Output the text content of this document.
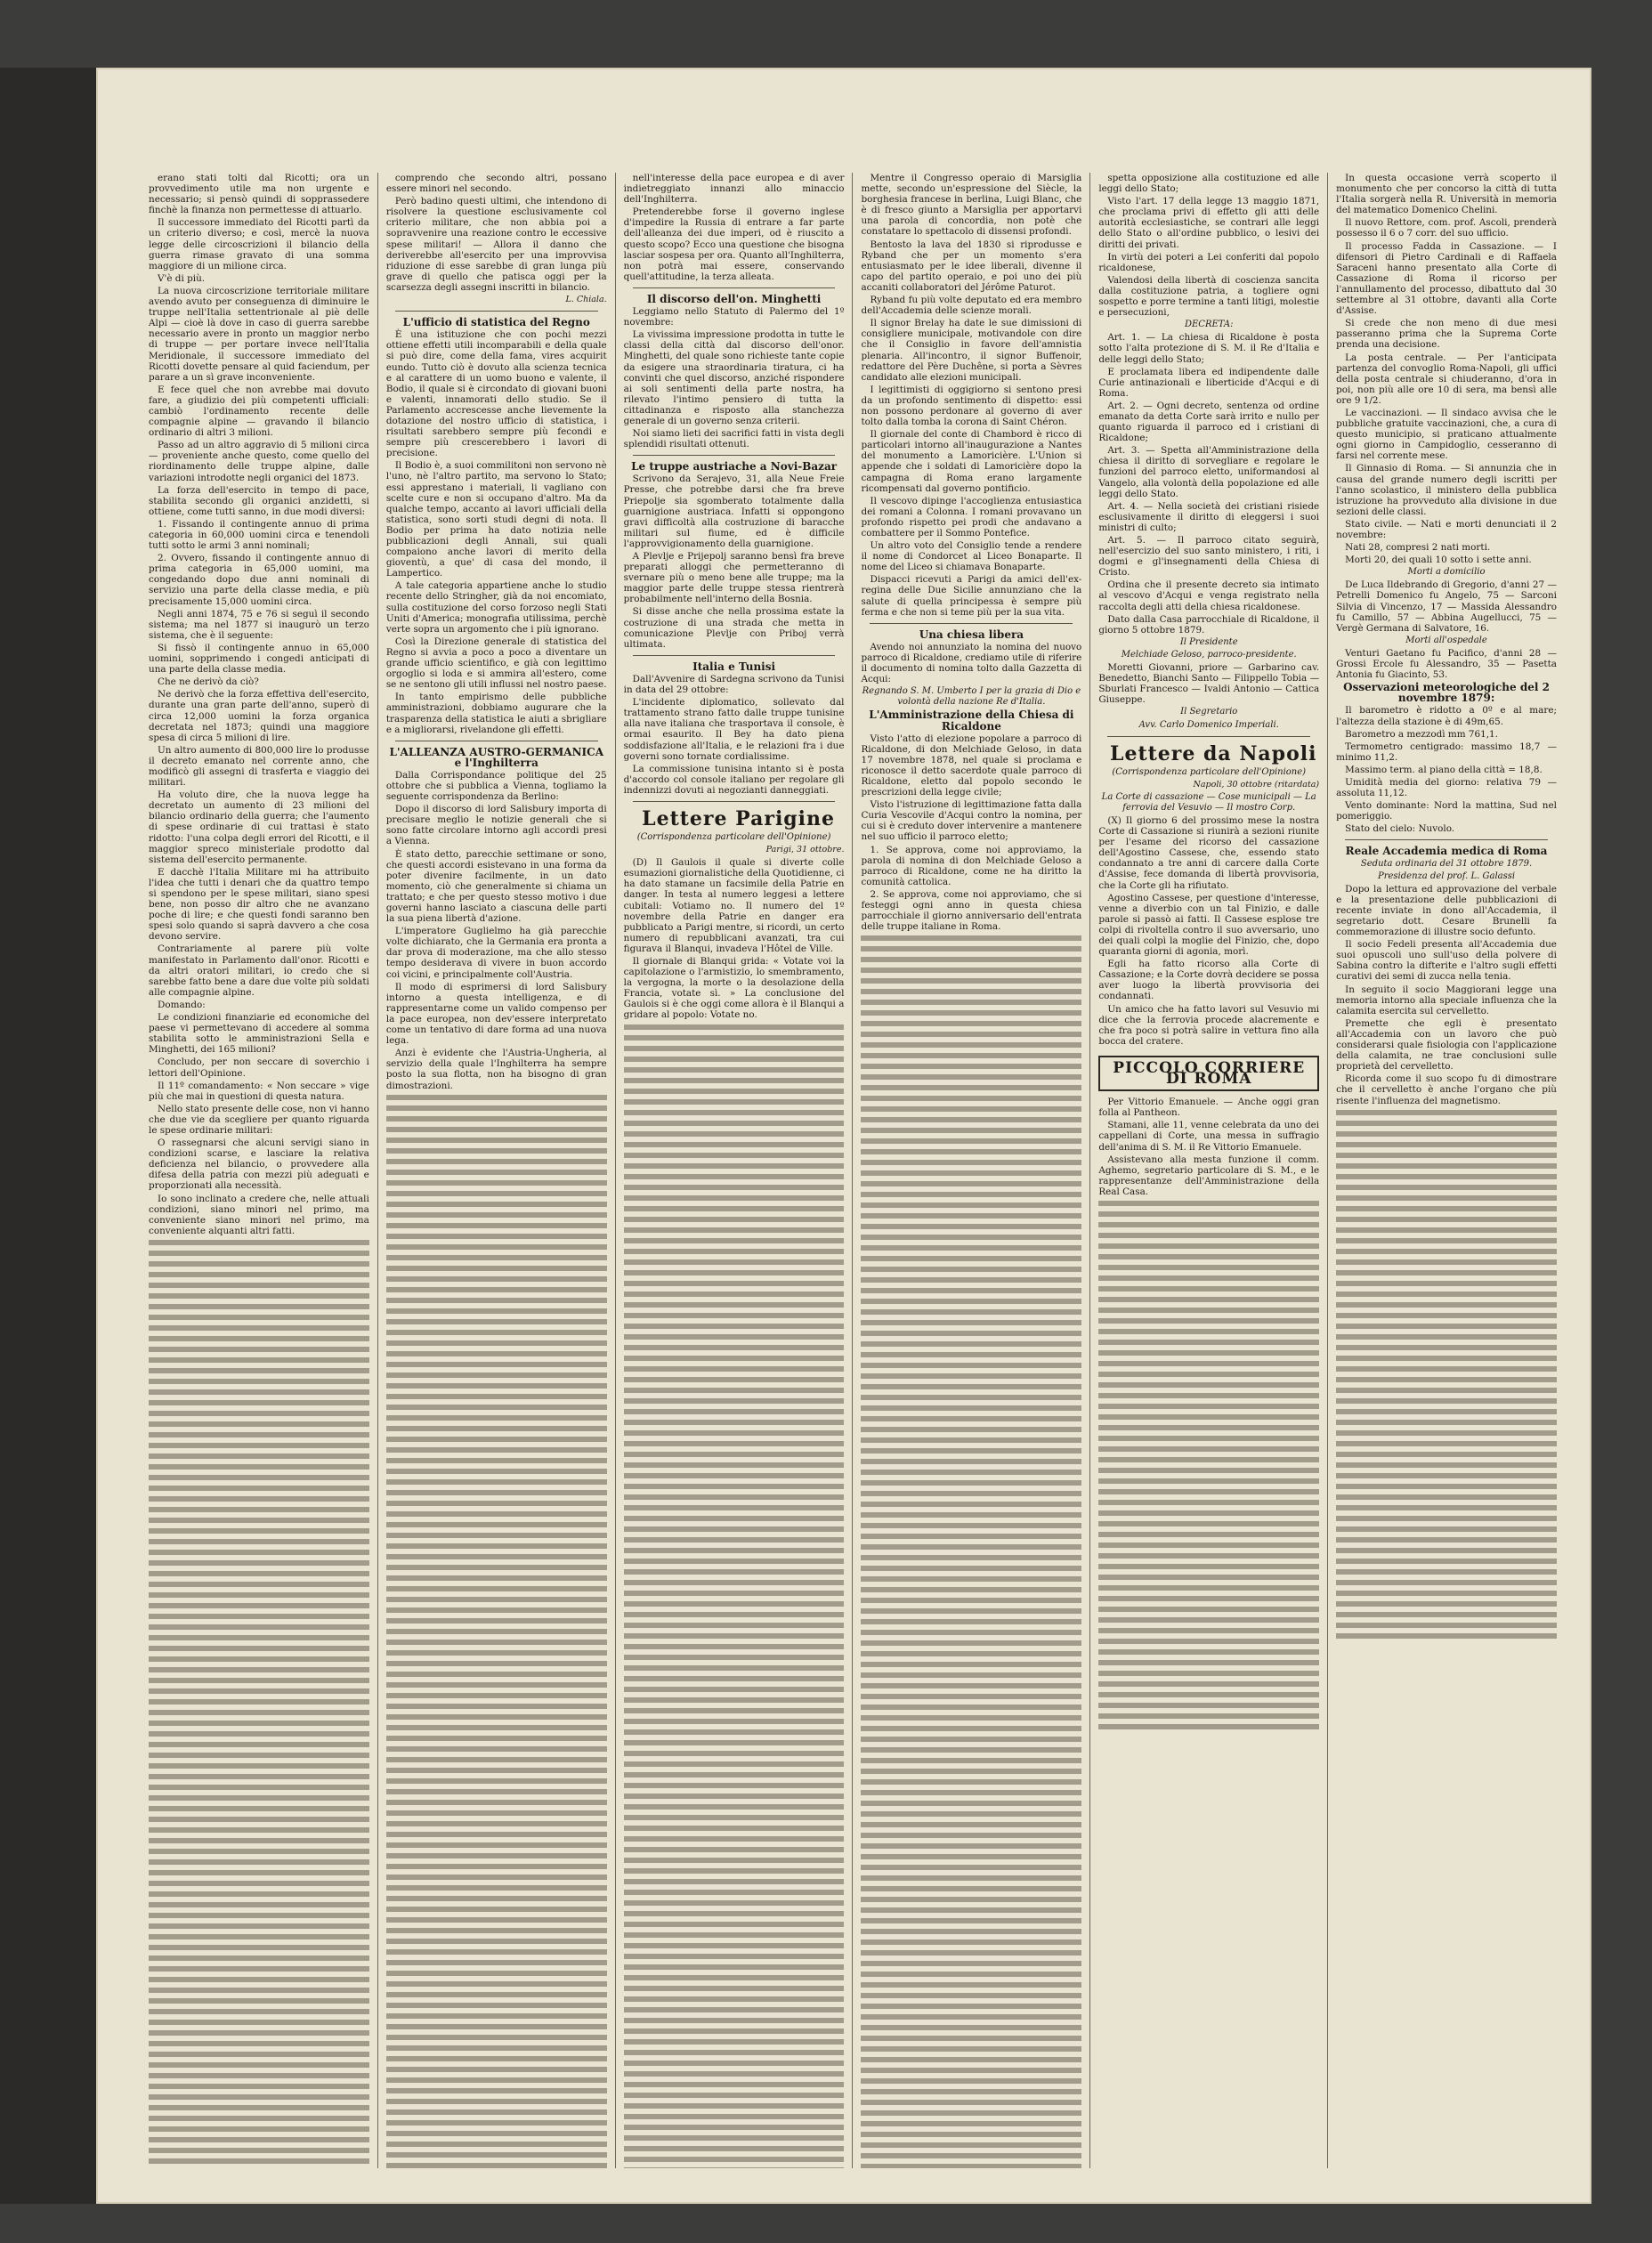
erano stati tolti dal Ricotti; ora un provvedimento utile ma non urgente e necessario; si pensò quindi di sopprassedere finchè la finanza non permettesse di attuarlo.

Il successore immediato del Ricotti partì da un criterio diverso; e così, mercè la nuova legge delle circoscrizioni il bilancio della guerra rimase gravato di una somma maggiore di un milione circa.

V'è di più.

La nuova circoscrizione territoriale militare avendo avuto per conseguenza di diminuire le truppe nell'Italia settentrionale al piè delle Alpi — cioè là dove in caso di guerra sarebbe necessario avere in pronto un maggior nerbo di truppe — per portare invece nell'Italia Meridionale, il successore immediato del Ricotti dovette pensare al quid faciendum, per parare a un sì grave inconveniente.

E fece quel che non avrebbe mai dovuto fare, a giudizio dei più competenti ufficiali: cambiò l'ordinamento recente delle compagnie alpine — gravando il bilancio ordinario di altri 3 milioni.

Passo ad un altro aggravio di 5 milioni circa — proveniente anche questo, come quello del riordinamento delle truppe alpine, dalle variazioni introdotte negli organici del 1873.

La forza dell'esercito in tempo di pace, stabilita secondo gli organici anzidetti, si ottiene, come tutti sanno, in due modi diversi:

1. Fissando il contingente annuo di prima categoria in 60,000 uomini circa e tenendoli tutti sotto le armi 3 anni nominali;

2. Ovvero, fissando il contingente annuo di prima categoria in 65,000 uomini, ma congedando dopo due anni nominali di servizio una parte della classe media, e più precisamente 15,000 uomini circa.

Negli anni 1874, 75 e 76 si seguì il secondo sistema; ma nel 1877 si inaugurò un terzo sistema, che è il seguente:

Si fissò il contingente annuo in 65,000 uomini, sopprimendo i congedi anticipati di una parte della classe media.

Che ne derivò da ciò?

Ne derivò che la forza effettiva dell'esercito, durante una gran parte dell'anno, superò di circa 12,000 uomini la forza organica decretata nel 1873; quindi una maggiore spesa di circa 5 milioni di lire.

Un altro aumento di 800,000 lire lo produsse il decreto emanato nel corrente anno, che modificò gli assegni di trasferta e viaggio dei militari.

Ha voluto dire, che la nuova legge ha decretato un aumento di 23 milioni del bilancio ordinario della guerra; che l'aumento di spese ordinarie di cui trattasi è stato ridotto: l'una colpa degli errori del Ricotti, e il maggior spreco ministeriale prodotto dal sistema dell'esercito permanente.

E dacchè l'Italia Militare mi ha attribuito l'idea che tutti i denari che da quattro tempo si spendono per le spese militari, siano spesi bene, non posso dir altro che ne avanzano poche di lire; e che questi fondi saranno ben spesi solo quando si saprà davvero a che cosa devono servire.

Contrariamente al parere più volte manifestato in Parlamento dall'onor. Ricotti e da altri oratori militari, io credo che si sarebbe fatto bene a dare due volte più soldati alle compagnie alpine.

Domando:

Le condizioni finanziarie ed economiche del paese vi permettevano di accedere al somma stabilita sotto le amministrazioni Sella e Minghetti, dei 165 milioni?

Concludo, per non seccare di soverchio i lettori dell'Opinione.

Il 11º comandamento: « Non seccare » vige più che mai in questioni di questa natura.

Nello stato presente delle cose, non vi hanno che due vie da scegliere per quanto riguarda le spese ordinarie militari:

O rassegnarsi che alcuni servigi siano in condizioni scarse, e lasciare la relativa deficienza nel bilancio, o provvedere alla difesa della patria con mezzi più adeguati e proporzionati alla necessità.

Io sono inclinato a credere che, nelle attuali condizioni, siano minori nel primo, ma conveniente siano minori nel primo, ma conveniente alquanti altri fatti.

comprendo che secondo altri, possano essere minori nel secondo.

Però badino questi ultimi, che intendono di risolvere la questione esclusivamente col criterio militare, che non abbia poi a sopravvenire una reazione contro le eccessive spese militari! — Allora il danno che deriverebbe all'esercito per una improvvisa riduzione di esse sarebbe di gran lunga più grave di quello che patisca oggi per la scarsezza degli assegni inscritti in bilancio.

L. Chiala.

L'ufficio di statistica del Regno

È una istituzione che con pochi mezzi ottiene effetti utili incomparabili e della quale si può dire, come della fama, vires acquirit eundo. Tutto ciò è dovuto alla scienza tecnica e al carattere di un uomo buono e valente, il Bodio, il quale si è circondato di giovani buoni e valenti, innamorati dello studio. Se il Parlamento accrescesse anche lievemente la dotazione del nostro ufficio di statistica, i risultati sarebbero sempre più fecondi e sempre più crescerebbero i lavori di precisione.

Il Bodio è, a suoi commilitoni non servono nè l'uno, nè l'altro partito, ma servono lo Stato; essi apprestano i materiali, li vagliano con scelte cure e non si occupano d'altro. Ma da qualche tempo, accanto ai lavori ufficiali della statistica, sono sorti studi degni di nota. Il Bodio per prima ha dato notizia nelle pubblicazioni degli Annali, sui quali compaiono anche lavori di merito della gioventù, a que' di casa del mondo, il Lampertico.

A tale categoria appartiene anche lo studio recente dello Stringher, già da noi encomiato, sulla costituzione del corso forzoso negli Stati Uniti d'America; monografia utilissima, perchè verte sopra un argomento che i più ignorano.

Così la Direzione generale di statistica del Regno si avvia a poco a poco a diventare un grande ufficio scientifico, e già con legittimo orgoglio si loda e si ammira all'estero, come se ne sentono gli utili influssi nel nostro paese.

In tanto empirismo delle pubbliche amministrazioni, dobbiamo augurare che la trasparenza della statistica le aiuti a sbrigliare e a migliorarsi, rivelandone gli effetti.

L'ALLEANZA AUSTRO-GERMANICA e l'Inghilterra

Dalla Corrispondance politique del 25 ottobre che si pubblica a Vienna, togliamo la seguente corrispondenza da Berlino:

Dopo il discorso di lord Salisbury importa di precisare meglio le notizie generali che si sono fatte circolare intorno agli accordi presi a Vienna.

È stato detto, parecchie settimane or sono, che questi accordi esistevano in una forma da poter divenire facilmente, in un dato momento, ciò che generalmente si chiama un trattato; e che per questo stesso motivo i due governi hanno lasciato a ciascuna delle parti la sua piena libertà d'azione.

L'imperatore Guglielmo ha già parecchie volte dichiarato, che la Germania era pronta a dar prova di moderazione, ma che allo stesso tempo desiderava di vivere in buon accordo coi vicini, e principalmente coll'Austria.

Il modo di esprimersi di lord Salisbury intorno a questa intelligenza, e di rappresentarne come un valido compenso per la pace europea, non dev'essere interpretato come un tentativo di dare forma ad una nuova lega.

Anzi è evidente che l'Austria-Ungheria, al servizio della quale l'Inghilterra ha sempre posto la sua flotta, non ha bisogno di gran dimostrazioni.

nell'interesse della pace europea e di aver indietreggiato innanzi allo minaccio dell'Inghilterra.

Pretenderebbe forse il governo inglese d'impedire la Russia di entrare a far parte dell'alleanza dei due imperi, od è riuscito a questo scopo? Ecco una questione che bisogna lasciar sospesa per ora. Quanto all'Inghilterra, non potrà mai essere, conservando quell'attitudine, la terza alleata.

Il discorso dell'on. Minghetti

Leggiamo nello Statuto di Palermo del 1º novembre:

La vivissima impressione prodotta in tutte le classi della città dal discorso dell'onor. Minghetti, del quale sono richieste tante copie da esigere una straordinaria tiratura, ci ha convinti che quel discorso, anziché rispondere ai soli sentimenti della parte nostra, ha rilevato l'intimo pensiero di tutta la cittadinanza e risposto alla stanchezza generale di un governo senza criterii.

Noi siamo lieti dei sacrifici fatti in vista degli splendidi risultati ottenuti.

Le truppe austriache a Novi-Bazar

Scrivono da Serajevo, 31, alla Neue Freie Presse, che potrebbe darsi che fra breve Priepolje sia sgomberato totalmente dalla guarnigione austriaca. Infatti si oppongono gravi difficoltà alla costruzione di baracche militari sul fiume, ed è difficile l'approvvigionamento della guarnigione.

A Plevlje e Prijepolj saranno bensì fra breve preparati alloggi che permetteranno di svernare più o meno bene alle truppe; ma la maggior parte delle truppe stessa rientrerà probabilmente nell'interno della Bosnia.

Si disse anche che nella prossima estate la costruzione di una strada che metta in comunicazione Plevlje con Priboj verrà ultimata.

Italia e Tunisi

Dall'Avvenire di Sardegna scrivono da Tunisi in data del 29 ottobre:

L'incidente diplomatico, sollevato dal trattamento strano fatto dalle truppe tunisine alla nave italiana che trasportava il console, è ormai esaurito. Il Bey ha dato piena soddisfazione all'Italia, e le relazioni fra i due governi sono tornate cordialissime.

La commissione tunisina intanto si è posta d'accordo col console italiano per regolare gli indennizzi dovuti ai negozianti danneggiati.

Lettere Parigine

(Corrispondenza particolare dell'Opinione)

Parigi, 31 ottobre.

(D) Il Gaulois il quale si diverte colle esumazioni giornalistiche della Quotidienne, ci ha dato stamane un facsimile della Patrie en danger. In testa al numero leggesi a lettere cubitali: Votiamo no. Il numero del 1º novembre della Patrie en danger era pubblicato a Parigi mentre, si ricordi, un certo numero di repubblicani avanzati, tra cui figurava il Blanqui, invadeva l'Hôtel de Ville.

Il giornale di Blanqui grida: « Votate voi la capitolazione o l'armistizio, lo smembramento, la vergogna, la morte o la desolazione della Francia, votate sì. » La conclusione del Gaulois si è che oggi come allora è il Blanqui a gridare al popolo: Votate no.

Mentre il Congresso operaio di Marsiglia mette, secondo un'espressione del Siècle, la borghesia francese in berlina, Luigi Blanc, che è di fresco giunto a Marsiglia per apportarvi una parola di concordia, non potè che constatare lo spettacolo di dissensi profondi.

Bentosto la lava del 1830 si riprodusse e Ryband che per un momento s'era entusiasmato per le idee liberali, divenne il capo del partito operaio, e poi uno dei più accaniti collaboratori del Jérôme Paturot.

Ryband fu più volte deputato ed era membro dell'Accademia delle scienze morali.

Il signor Brelay ha date le sue dimissioni di consigliere municipale, motivandole con dire che il Consiglio in favore dell'amnistia plenaria. All'incontro, il signor Buffenoir, redattore del Père Duchêne, si porta a Sèvres candidato alle elezioni municipali.

I legittimisti di oggigiorno si sentono presi da un profondo sentimento di dispetto: essi non possono perdonare al governo di aver tolto dalla tomba la corona di Saint Chéron.

Il giornale del conte di Chambord è ricco di particolari intorno all'inaugurazione a Nantes del monumento a Lamoricière. L'Union si appende che i soldati di Lamoricière dopo la campagna di Roma erano largamente ricompensati dal governo pontificio.

Il vescovo dipinge l'accoglienza entusiastica dei romani a Colonna. I romani provavano un profondo rispetto pei prodi che andavano a combattere per il Sommo Pontefice.

Un altro voto del Consiglio tende a rendere il nome di Condorcet al Liceo Bonaparte. Il nome del Liceo si chiamava Bonaparte.

Dispacci ricevuti a Parigi da amici dell'ex-regina delle Due Sicilie annunziano che la salute di quella principessa è sempre più ferma e che non si teme più per la sua vita.

Una chiesa libera

Avendo noi annunziato la nomina del nuovo parroco di Ricaldone, crediamo utile di riferire il documento di nomina tolto dalla Gazzetta di Acqui:

Regnando S. M. Umberto I per la grazia di Dio e volontà della nazione Re d'Italia.

L'Amministrazione della Chiesa di Ricaldone

Visto l'atto di elezione popolare a parroco di Ricaldone, di don Melchiade Geloso, in data 17 novembre 1878, nel quale si proclama e riconosce il detto sacerdote quale parroco di Ricaldone, eletto dal popolo secondo le prescrizioni della legge civile;

Visto l'istruzione di legittimazione fatta dalla Curia Vescovile d'Acqui contro la nomina, per cui si è creduto dover intervenire a mantenere nel suo ufficio il parroco eletto;

1. Se approva, come noi approviamo, la parola di nomina di don Melchiade Geloso a parroco di Ricaldone, come ne ha diritto la comunità cattolica.

2. Se approva, come noi approviamo, che si festeggi ogni anno in questa chiesa parrocchiale il giorno anniversario dell'entrata delle truppe italiane in Roma.

spetta opposizione alla costituzione ed alle leggi dello Stato;

Visto l'art. 17 della legge 13 maggio 1871, che proclama privi di effetto gli atti delle autorità ecclesiastiche, se contrari alle leggi dello Stato o all'ordine pubblico, o lesivi dei diritti dei privati.

In virtù dei poteri a Lei conferiti dal popolo ricaldonese,

Valendosi della libertà di coscienza sancita dalla costituzione patria, a togliere ogni sospetto e porre termine a tanti litigi, molestie e persecuzioni,

DECRETA:

Art. 1. — La chiesa di Ricaldone è posta sotto l'alta protezione di S. M. il Re d'Italia e delle leggi dello Stato;

E proclamata libera ed indipendente dalle Curie antinazionali e liberticide d'Acqui e di Roma.

Art. 2. — Ogni decreto, sentenza od ordine emanato da detta Corte sarà irrito e nullo per quanto riguarda il parroco ed i cristiani di Ricaldone;

Art. 3. — Spetta all'Amministrazione della chiesa il diritto di sorvegliare e regolare le funzioni del parroco eletto, uniformandosi al Vangelo, alla volontà della popolazione ed alle leggi dello Stato.

Art. 4. — Nella società dei cristiani risiede esclusivamente il diritto di eleggersi i suoi ministri di culto;

Art. 5. — Il parroco citato seguirà, nell'esercizio del suo santo ministero, i riti, i dogmi e gl'insegnamenti della Chiesa di Cristo.

Ordina che il presente decreto sia intimato al vescovo d'Acqui e venga registrato nella raccolta degli atti della chiesa ricaldonese.

Dato dalla Casa parrocchiale di Ricaldone, il giorno 5 ottobre 1879.

Il Presidente

Melchiade Geloso, parroco-presidente.

Moretti Giovanni, priore — Garbarino cav. Benedetto, Bianchi Santo — Filippello Tobia — Sburlati Francesco — Ivaldi Antonio — Cattica Giuseppe.

Il Segretario

Avv. Carlo Domenico Imperiali.

Lettere da Napoli

(Corrispondenza particolare dell'Opinione)

Napoli, 30 ottobre (ritardata)

La Corte di cassazione — Cose municipali — La ferrovia del Vesuvio — Il mostro Corp.

(X) Il giorno 6 del prossimo mese la nostra Corte di Cassazione si riunirà a sezioni riunite per l'esame del ricorso del cassazione dell'Agostino Cassese, che, essendo stato condannato a tre anni di carcere dalla Corte d'Assise, fece domanda di libertà provvisoria, che la Corte gli ha rifiutato.

Agostino Cassese, per questione d'interesse, venne a diverbio con un tal Finizio, e dalle parole si passò ai fatti. Il Cassese esplose tre colpi di rivoltella contro il suo avversario, uno dei quali colpì la moglie del Finizio, che, dopo quaranta giorni di agonia, morì.

Egli ha fatto ricorso alla Corte di Cassazione; e la Corte dovrà decidere se possa aver luogo la libertà provvisoria dei condannati.

Un amico che ha fatto lavori sul Vesuvio mi dice che la ferrovia procede alacremente e che fra poco si potrà salire in vettura fino alla bocca del cratere.

PICCOLO CORRIERE DI ROMA

Per Vittorio Emanuele. — Anche oggi gran folla al Pantheon.

Stamani, alle 11, venne celebrata da uno dei cappellani di Corte, una messa in suffragio dell'anima di S. M. il Re Vittorio Emanuele.

Assistevano alla mesta funzione il comm. Aghemo, segretario particolare di S. M., e le rappresentanze dell'Amministrazione della Real Casa.

In questa occasione verrà scoperto il monumento che per concorso la città di tutta l'Italia sorgerà nella R. Università in memoria del matematico Domenico Chelini.

Il nuovo Rettore, com. prof. Ascoli, prenderà possesso il 6 o 7 corr. del suo ufficio.

Il processo Fadda in Cassazione. — I difensori di Pietro Cardinali e di Raffaela Saraceni hanno presentato alla Corte di Cassazione di Roma il ricorso per l'annullamento del processo, dibattuto dal 30 settembre al 31 ottobre, davanti alla Corte d'Assise.

Si crede che non meno di due mesi passeranno prima che la Suprema Corte prenda una decisione.

La posta centrale. — Per l'anticipata partenza del convoglio Roma-Napoli, gli uffici della posta centrale si chiuderanno, d'ora in poi, non più alle ore 10 di sera, ma bensì alle ore 9 1/2.

Le vaccinazioni. — Il sindaco avvisa che le pubbliche gratuite vaccinazioni, che, a cura di questo municipio, si praticano attualmente ogni giorno in Campidoglio, cesseranno di farsi nel corrente mese.

Il Ginnasio di Roma. — Si annunzia che in causa del grande numero degli iscritti per l'anno scolastico, il ministero della pubblica istruzione ha provveduto alla divisione in due sezioni delle classi.

Stato civile. — Nati e morti denunciati il 2 novembre:

Nati 28, compresi 2 nati morti.

Morti 20, dei quali 10 sotto i sette anni.

Morti a domicilio

De Luca Ildebrando di Gregorio, d'anni 27 — Petrelli Domenico fu Angelo, 75 — Sarconi Silvia di Vincenzo, 17 — Massida Alessandro fu Camillo, 57 — Abbina Augellucci, 75 — Vergè Germana di Salvatore, 16.

Morti all'ospedale

Venturi Gaetano fu Pacifico, d'anni 28 — Grossi Ercole fu Alessandro, 35 — Pasetta Antonia fu Giacinto, 53.

Osservazioni meteorologiche del 2 novembre 1879:

Il barometro è ridotto a 0º e al mare; l'altezza della stazione è di 49m,65.

Barometro a mezzodì mm 761,1.

Termometro centigrado: massimo 18,7 — minimo 11,2.

Massimo term. al piano della città = 18,8.

Umidità media del giorno: relativa 79 — assoluta 11,12.

Vento dominante: Nord la mattina, Sud nel pomeriggio.

Stato del cielo: Nuvolo.

Reale Accademia medica di Roma

Seduta ordinaria del 31 ottobre 1879.

Presidenza del prof. L. Galassi

Dopo la lettura ed approvazione del verbale e la presentazione delle pubblicazioni di recente inviate in dono all'Accademia, il segretario dott. Cesare Brunelli fa commemorazione di illustre socio defunto.

Il socio Fedeli presenta all'Accademia due suoi opuscoli uno sull'uso della polvere di Sabina contro la difterite e l'altro sugli effetti curativi dei semi di zucca nella tenia.

In seguito il socio Maggiorani legge una memoria intorno alla speciale influenza che la calamita esercita sul cervelletto.

Premette che egli è presentato all'Accademia con un lavoro che può considerarsi quale fisiologia con l'applicazione della calamita, ne trae conclusioni sulle proprietà del cervelletto.

Ricorda come il suo scopo fu di dimostrare che il cervelletto è anche l'organo che più risente l'influenza del magnetismo.
